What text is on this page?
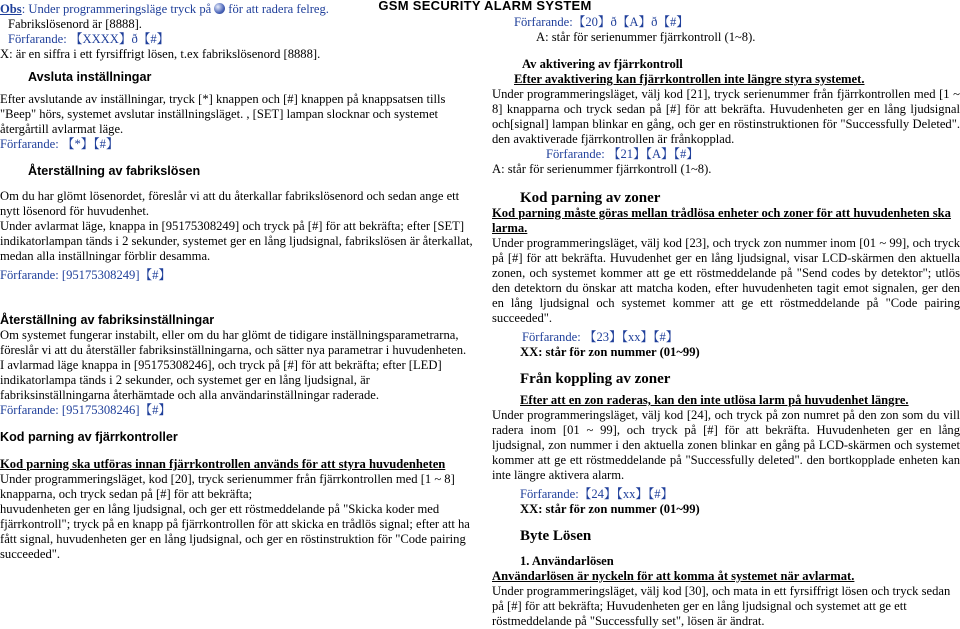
GSM SECURITY ALARM SYSTEM

Obs: Under programmeringsläge tryck på för att radera felreg.

Fabrikslösenord är [8888].

Förfarande: 【XXXX】ð【#】

X: är en siffra i ett fyrsiffrigt lösen, t.ex fabrikslösenord [8888].

Avsluta inställningar

Efter avslutande av inställningar, tryck [*] knappen och [#] knappen på knappsatsen tills "Beep" hörs, systemet avslutar inställningsläget. , [SET] lampan slocknar och systemet återgårtill avlarmat läge.

Förfarande: 【*】【#】

Återställning av fabrikslösen

Om du har glömt lösenordet, föreslår vi att du återkallar fabrikslösenord och sedan ange ett nytt lösenord för huvudenhet.

Under avlarmat läge, knappa in [95175308249] och tryck på [#] för att bekräfta; efter [SET] indikatorlampan tänds i 2 sekunder, systemet ger en lång ljudsignal, fabrikslösen är återkallat, medan alla inställningar förblir desamma.

Förfarande: [95175308249]【#】

Återställning av fabriksinställningar

Om systemet fungerar instabilt, eller om du har glömt de tidigare inställningsparametrarna, föreslår vi att du återställer fabriksinställningarna, och sätter nya parametrar i huvudenheten.

I avlarmad läge knappa in [95175308246], och tryck på [#] för att bekräfta; efter [LED] indikatorlampa tänds i 2 sekunder, och systemet ger en lång ljudsignal, är fabriksinställningarna återhämtade och alla användarinställningar raderade.

Förfarande: [95175308246]【#】

Kod parning av fjärrkontroller

Kod parning ska utföras innan fjärrkontrollen används för att styra huvudenheten

Under programmeringsläget, kod [20], tryck serienummer från fjärrkontrollen med [1 ~ 8] knapparna, och tryck sedan på [#] för att bekräfta;

huvudenheten ger en lång ljudsignal, och ger ett röstmeddelande på "Skicka koder med fjärrkontroll"; tryck på en knapp på fjärrkontrollen för att skicka en trådlös signal; efter att ha fått signal, huvudenheten ger en lång ljudsignal, och ger en röstinstruktion för "Code pairing succeeded".

Förfarande:【20】ð【A】ð【#】

A: står för serienummer fjärrkontroll (1~8).

Av aktivering av fjärrkontroll

Efter avaktivering kan fjärrkontrollen inte längre styra systemet.

Under programmeringsläget, välj kod [21], tryck serienummer från fjärrkontrollen med [1 ~ 8] knapparna och tryck sedan på [#] för att bekräfta. Huvudenheten ger en lång ljudsignal och[signal] lampan blinkar en gång, och ger en röstinstruktionen för "Successfully Deleted". den avaktiverade fjärrkontrollen är frånkopplad.

Förfarande: 【21】【A】【#】

A: står för serienummer fjärrkontroll (1~8).

Kod parning av zoner

Kod parning måste göras mellan trådlösa enheter och zoner för att huvudenheten ska larma.

Under programmeringsläget, välj kod [23], och tryck zon nummer inom [01 ~ 99], och tryck på [#] för att bekräfta. Huvudenhet ger en lång ljudsignal, visar LCD-skärmen den aktuella zonen, och systemet kommer att ge ett röstmeddelande på "Send codes by detektor"; utlös den detektorn du önskar att matcha koden, efter huvudenheten tagit emot signalen, ger den en lång ljudsignal och systemet kommer att ge ett röstmeddelande på "Code pairing succeeded".

Förfarande: 【23】【xx】【#】

XX: står för zon nummer (01~99)

Från koppling av zoner

Efter att en zon raderas, kan den inte utlösa larm på huvudenhet längre.

Under programmeringsläget, välj kod [24], och tryck på zon numret på den zon som du vill radera inom [01 ~ 99], och tryck på [#] för att bekräfta. Huvudenheten ger en lång ljudsignal, zon nummer i den aktuella zonen blinkar en gång på LCD-skärmen och systemet kommer att ge ett röstmeddelande på "Successfully deleted". den bortkopplade enheten kan inte längre aktivera alarm.

Förfarande:【24】【xx】【#】

XX: står för zon nummer (01~99)

Byte Lösen

1. Användarlösen

Användarlösen är nyckeln för att komma åt systemet när avlarmat.

Under programmeringsläget, välj kod [30], och mata in ett fyrsiffrigt lösen och tryck sedan på [#] för att bekräfta; Huvudenheten ger en lång ljudsignal och systemet att ge ett röstmeddelande på "Successfully set", lösen är ändrat.
